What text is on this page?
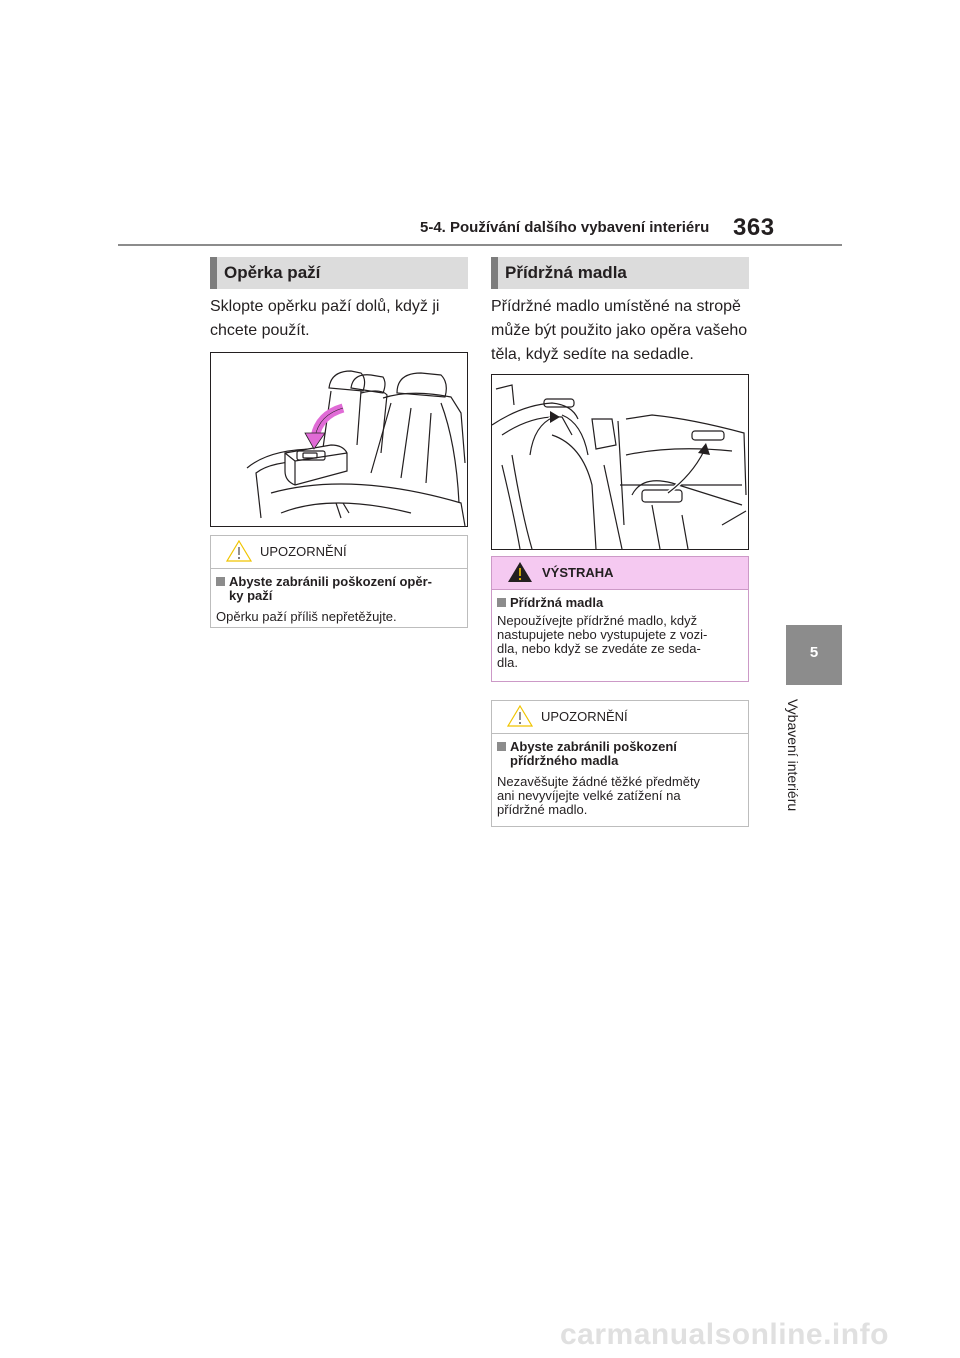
5-4. Používání dalšího vybavení interiéru 363
5
Vybavení interiéru
Opěrka paží
Sklopte opěrku paží dolů, když ji
chcete použít.
UPOZORNĚNÍ
Abyste zabránili poškození opěr-
ky paží

Opěrku paží příliš nepřetěžujte.

Přídržná madla
Přídržné madlo umístěné na stropě
může být použito jako opěra vašeho
těla, když sedíte na sedadle.
VÝSTRAHA
Přídržná madla

Nepoužívejte přídržné madlo, když
nastupujete nebo vystupujete z vozi-
dla, nebo když se zvedáte ze seda-
dla.

UPOZORNĚNÍ
Abyste zabránili poškození
přídržného madla

Nezavěšujte žádné těžké předměty
ani nevyvíjejte velké zatížení na
přídržné madlo.

carmanualsonline.info
